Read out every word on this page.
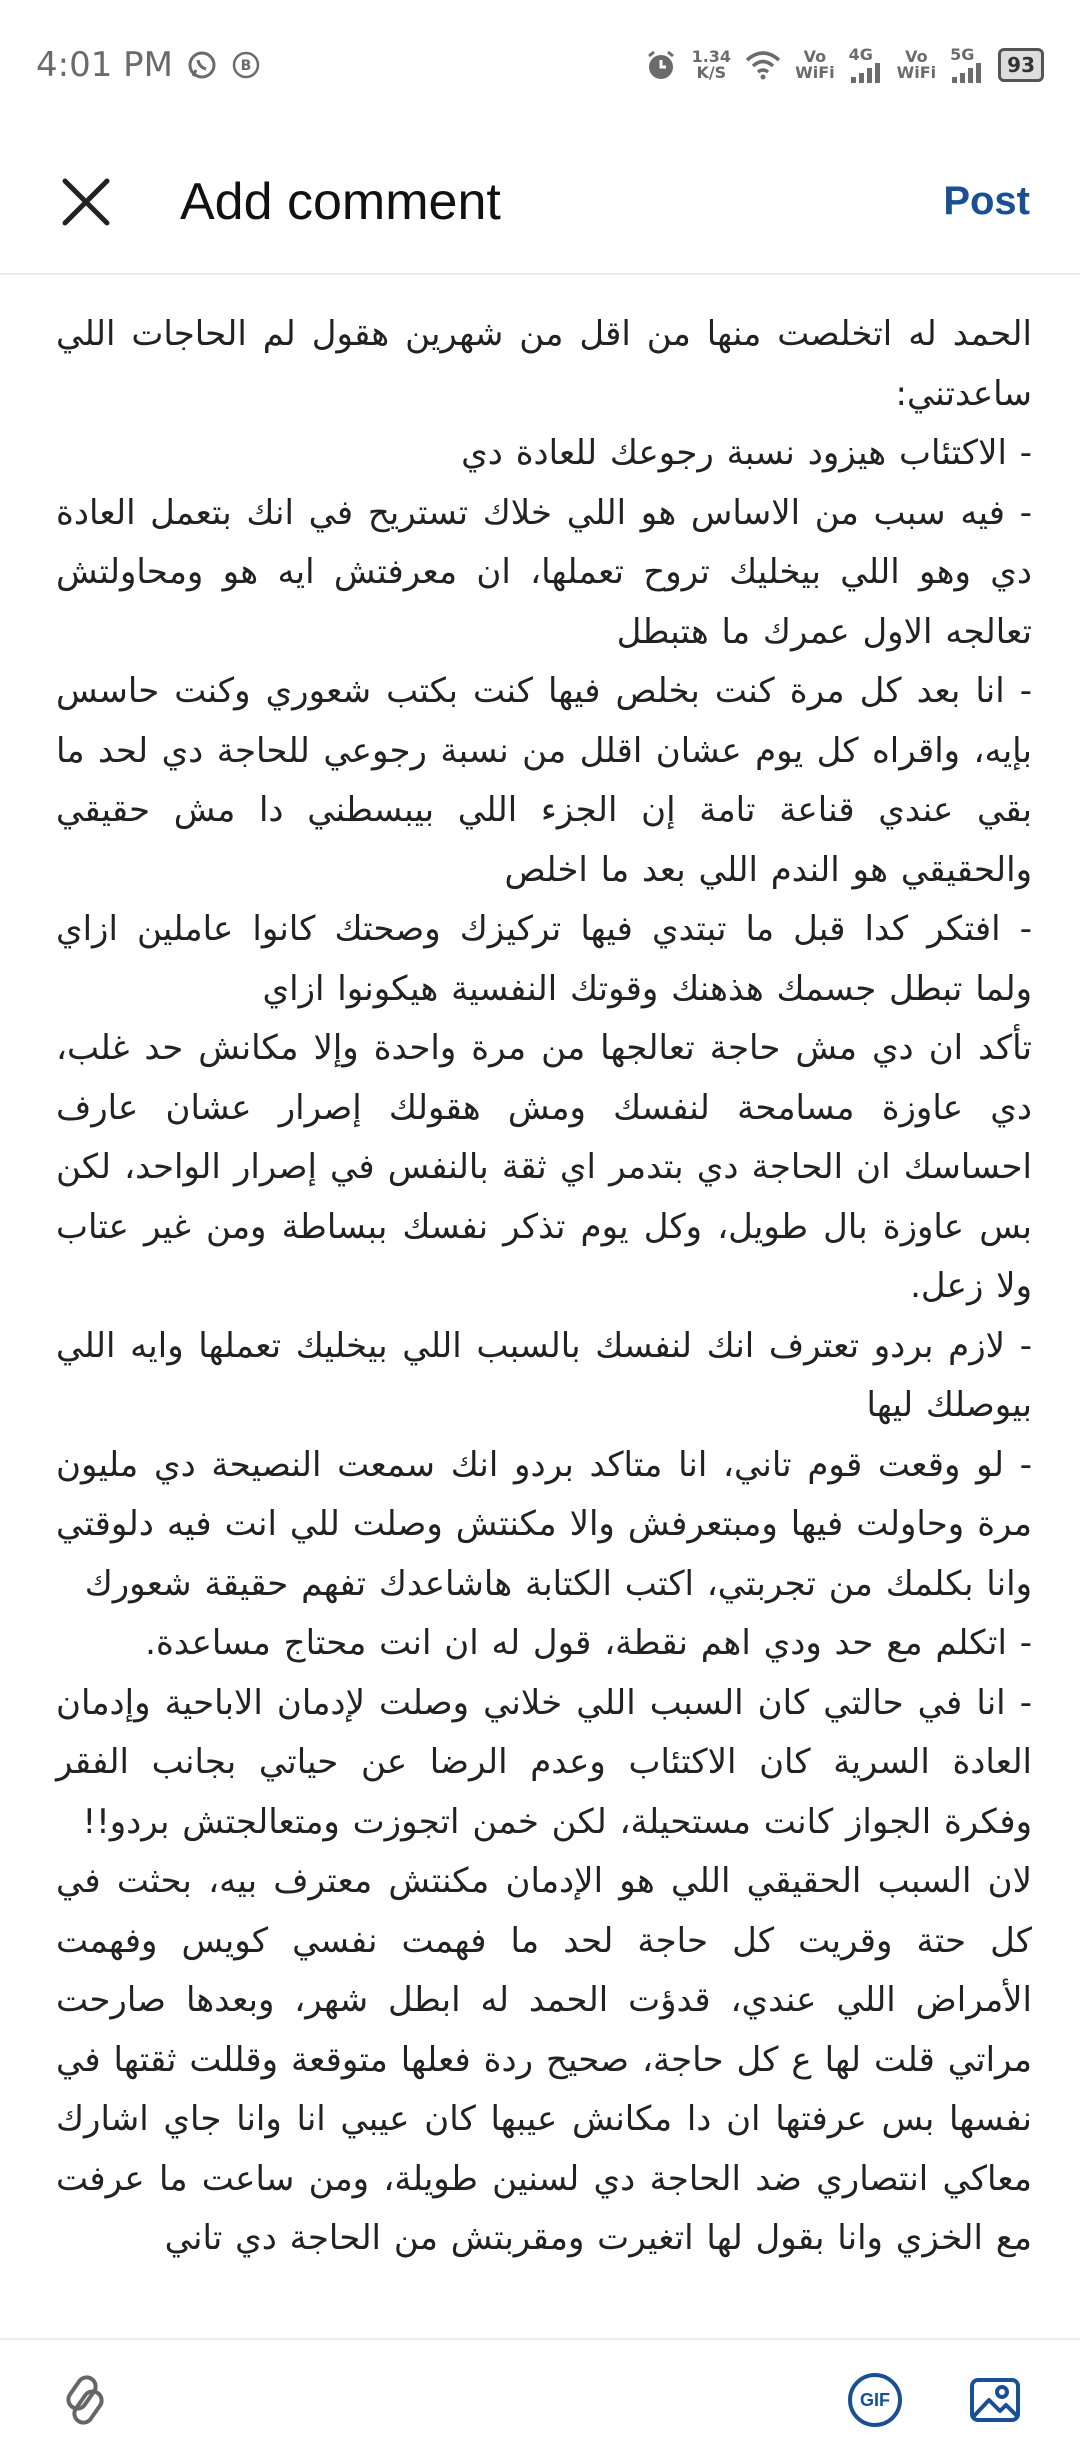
4:01 PM	B	1.34
K/S
Vo
WiFi
4G	Vo
WiFi
5G	93
Add comment	Post

الحمد له اتخلصت منها من اقل من شهرين هقول لم الحاجات اللي ساعدتني:
- الاكتئاب هيزود نسبة رجوعك للعادة دي
- فيه سبب من الاساس هو اللي خلاك تستريح في انك بتعمل العادة دي وهو اللي بيخليك تروح تعملها، ان معرفتش ايه هو ومحاولتش تعالجه الاول عمرك ما هتبطل
- انا بعد كل مرة كنت بخلص فيها كنت بكتب شعوري وكنت حاسس بإيه، واقراه كل يوم عشان اقلل من نسبة رجوعي للحاجة دي لحد ما بقي عندي قناعة تامة إن الجزء اللي بيبسطني دا مش حقيقي والحقيقي هو الندم اللي بعد ما اخلص
- افتكر كدا قبل ما تبتدي فيها تركيزك وصحتك كانوا عاملين ازاي ولما تبطل جسمك هذهنك وقوتك النفسية هيكونوا ازاي
تأكد ان دي مش حاجة تعالجها من مرة واحدة وإلا مكانش حد غلب، دي عاوزة مسامحة لنفسك ومش هقولك إصرار عشان عارف احساسك ان الحاجة دي بتدمر اي ثقة بالنفس في إصرار الواحد، لكن بس عاوزة بال طويل، وكل يوم تذكر نفسك ببساطة ومن غير عتاب ولا زعل.
- لازم بردو تعترف انك لنفسك بالسبب اللي بيخليك تعملها وايه اللي بيوصلك ليها
- لو وقعت قوم تاني، انا متاكد بردو انك سمعت النصيحة دي مليون مرة وحاولت فيها ومبتعرفش والا مكنتش وصلت للي انت فيه دلوقتي وانا بكلمك من تجربتي، اكتب الكتابة هاشاعدك تفهم حقيقة شعورك
- اتكلم مع حد ودي اهم نقطة، قول له ان انت محتاج مساعدة.
- انا في حالتي كان السبب اللي خلاني وصلت لإدمان الاباحية وإدمان العادة السرية كان الاكتئاب وعدم الرضا عن حياتي بجانب الفقر وفكرة الجواز كانت مستحيلة، لكن خمن اتجوزت ومتعالجتش بردو!!
لان السبب الحقيقي اللي هو الإدمان مكنتش معترف بيه، بحثت في كل حتة وقريت كل حاجة لحد ما فهمت نفسي كويس وفهمت الأمراض اللي عندي، قدؤت الحمد له ابطل شهر، وبعدها صارحت مراتي قلت لها ع كل حاجة، صحيح ردة فعلها متوقعة وقللت ثقتها في نفسها بس عرفتها ان دا مكانش عيبها كان عيبي انا وانا جاي اشارك معاكي انتصاري ضد الحاجة دي لسنين طويلة، ومن ساعت ما عرفت مع الخزي وانا بقول لها اتغيرت ومقربتش من الحاجة دي تاني

GIF
